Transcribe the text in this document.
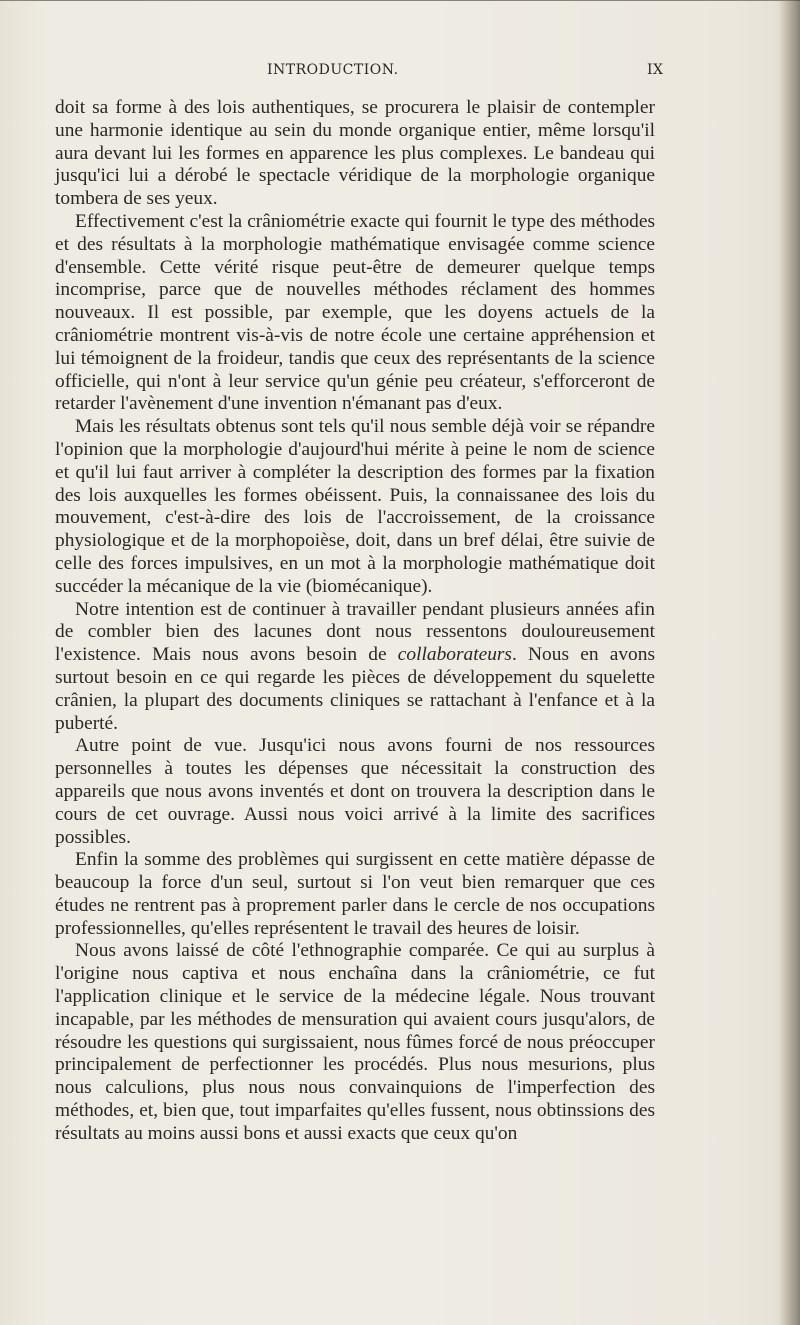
INTRODUCTION.	IX

doit sa forme à des lois authentiques, se procurera le plaisir de contempler une harmonie identique au sein du monde organique entier, même lorsqu'il aura devant lui les formes en apparence les plus complexes. Le bandeau qui jusqu'ici lui a dérobé le spectacle véridique de la morphologie organique tombera de ses yeux.

Effectivement c'est la crâniométrie exacte qui fournit le type des méthodes et des résultats à la morphologie mathématique envisagée comme science d'ensemble. Cette vérité risque peut-être de demeurer quelque temps incomprise, parce que de nouvelles méthodes réclament des hommes nouveaux. Il est possible, par exemple, que les doyens actuels de la crâniométrie montrent vis-à-vis de notre école une certaine appréhension et lui témoignent de la froideur, tandis que ceux des représentants de la science officielle, qui n'ont à leur service qu'un génie peu créateur, s'efforceront de retarder l'avènement d'une invention n'émanant pas d'eux.

Mais les résultats obtenus sont tels qu'il nous semble déjà voir se répandre l'opinion que la morphologie d'aujourd'hui mérite à peine le nom de science et qu'il lui faut arriver à compléter la description des formes par la fixation des lois auxquelles les formes obéissent. Puis, la connaissanee des lois du mouvement, c'est-à-dire des lois de l'accroissement, de la croissance physiologique et de la morphopoièse, doit, dans un bref délai, être suivie de celle des forces impulsives, en un mot à la morphologie mathématique doit succéder la mécanique de la vie (biomécanique).

Notre intention est de continuer à travailler pendant plusieurs années afin de combler bien des lacunes dont nous ressentons douloureusement l'existence. Mais nous avons besoin de collaborateurs. Nous en avons surtout besoin en ce qui regarde les pièces de développement du squelette crânien, la plupart des documents cliniques se rattachant à l'enfance et à la puberté.

Autre point de vue. Jusqu'ici nous avons fourni de nos ressources personnelles à toutes les dépenses que nécessitait la construction des appareils que nous avons inventés et dont on trouvera la description dans le cours de cet ouvrage. Aussi nous voici arrivé à la limite des sacrifices possibles.

Enfin la somme des problèmes qui surgissent en cette matière dépasse de beaucoup la force d'un seul, surtout si l'on veut bien remarquer que ces études ne rentrent pas à proprement parler dans le cercle de nos occupations professionnelles, qu'elles représentent le travail des heures de loisir.

Nous avons laissé de côté l'ethnographie comparée. Ce qui au surplus à l'origine nous captiva et nous enchaîna dans la crâniométrie, ce fut l'application clinique et le service de la médecine légale. Nous trouvant incapable, par les méthodes de mensuration qui avaient cours jusqu'alors, de résoudre les questions qui surgissaient, nous fûmes forcé de nous préoccuper principalement de perfectionner les procédés. Plus nous mesurions, plus nous calculions, plus nous nous convainquions de l'imperfection des méthodes, et, bien que, tout imparfaites qu'elles fussent, nous obtinssions des résultats au moins aussi bons et aussi exacts que ceux qu'on
